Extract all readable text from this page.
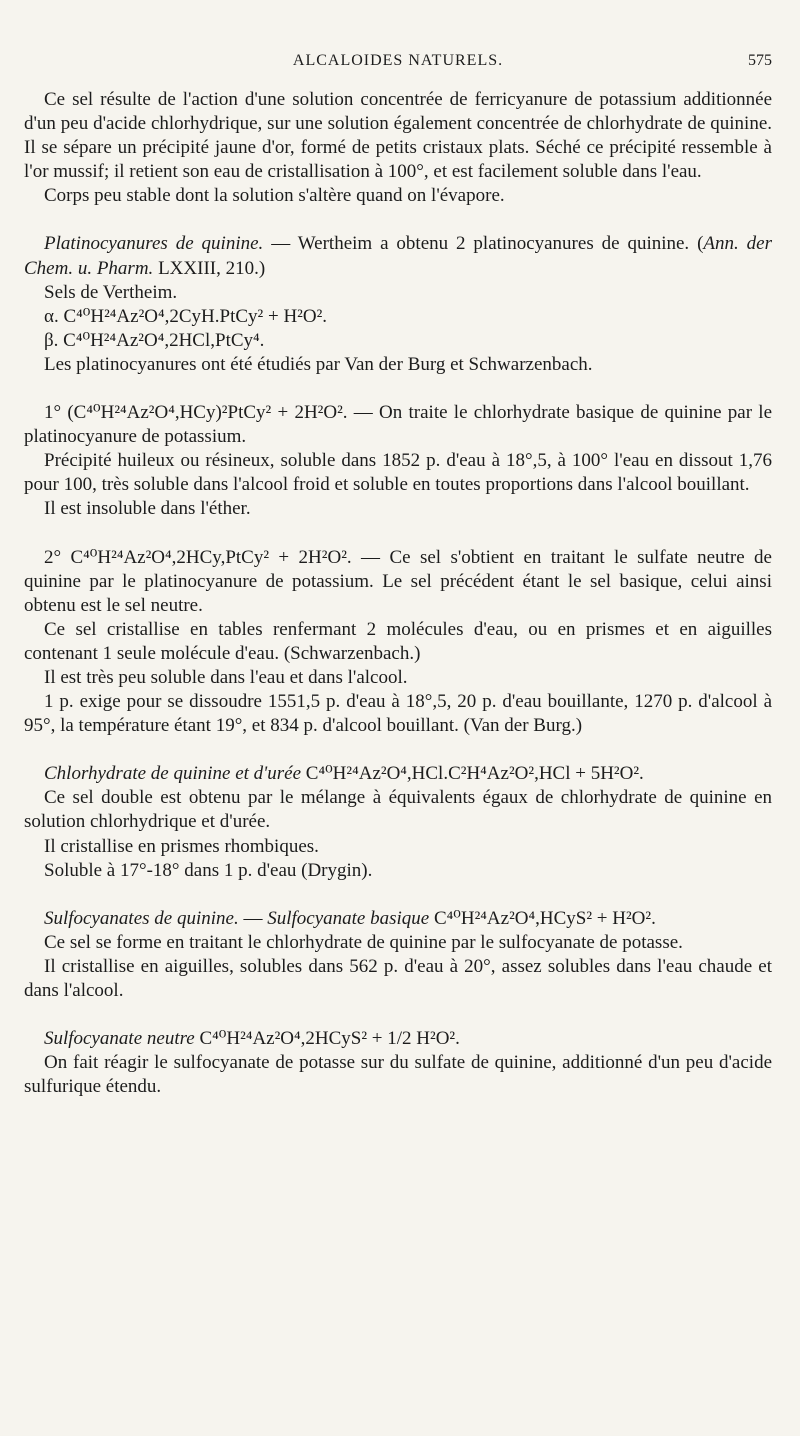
ALCALOIDES NATURELS.	575

Ce sel résulte de l'action d'une solution concentrée de ferricyanure de potassium additionnée d'un peu d'acide chlorhydrique, sur une solution également concentrée de chlorhydrate de quinine. Il se sépare un précipité jaune d'or, formé de petits cristaux plats. Séché ce précipité ressemble à l'or mussif; il retient son eau de cristallisation à 100°, et est facilement soluble dans l'eau.

Corps peu stable dont la solution s'altère quand on l'évapore.

Platinocyanures de quinine. — Wertheim a obtenu 2 platinocyanures de quinine. (Ann. der Chem. u. Pharm. LXXIII, 210.)

Sels de Vertheim.

α. C⁴⁰H²⁴Az²O⁴,2CyH.PtCy² + H²O².

β. C⁴⁰H²⁴Az²O⁴,2HCl,PtCy⁴.

Les platinocyanures ont été étudiés par Van der Burg et Schwarzenbach.

1° (C⁴⁰H²⁴Az²O⁴,HCy)²PtCy² + 2H²O². — On traite le chlorhydrate basique de quinine par le platinocyanure de potassium.

Précipité huileux ou résineux, soluble dans 1852 p. d'eau à 18°,5, à 100° l'eau en dissout 1,76 pour 100, très soluble dans l'alcool froid et soluble en toutes proportions dans l'alcool bouillant.

Il est insoluble dans l'éther.

2° C⁴⁰H²⁴Az²O⁴,2HCy,PtCy² + 2H²O². — Ce sel s'obtient en traitant le sulfate neutre de quinine par le platinocyanure de potassium. Le sel précédent étant le sel basique, celui ainsi obtenu est le sel neutre.

Ce sel cristallise en tables renfermant 2 molécules d'eau, ou en prismes et en aiguilles contenant 1 seule molécule d'eau. (Schwarzenbach.)

Il est très peu soluble dans l'eau et dans l'alcool.

1 p. exige pour se dissoudre 1551,5 p. d'eau à 18°,5, 20 p. d'eau bouillante, 1270 p. d'alcool à 95°, la température étant 19°, et 834 p. d'alcool bouillant. (Van der Burg.)

Chlorhydrate de quinine et d'urée C⁴⁰H²⁴Az²O⁴,HCl.C²H⁴Az²O²,HCl + 5H²O².

Ce sel double est obtenu par le mélange à équivalents égaux de chlorhydrate de quinine en solution chlorhydrique et d'urée.

Il cristallise en prismes rhombiques.

Soluble à 17°-18° dans 1 p. d'eau (Drygin).

Sulfocyanates de quinine. — Sulfocyanate basique C⁴⁰H²⁴Az²O⁴,HCyS² + H²O².

Ce sel se forme en traitant le chlorhydrate de quinine par le sulfocyanate de potasse.

Il cristallise en aiguilles, solubles dans 562 p. d'eau à 20°, assez solubles dans l'eau chaude et dans l'alcool.

Sulfocyanate neutre C⁴⁰H²⁴Az²O⁴,2HCyS² + 1/2 H²O².

On fait réagir le sulfocyanate de potasse sur du sulfate de quinine, additionné d'un peu d'acide sulfurique étendu.
